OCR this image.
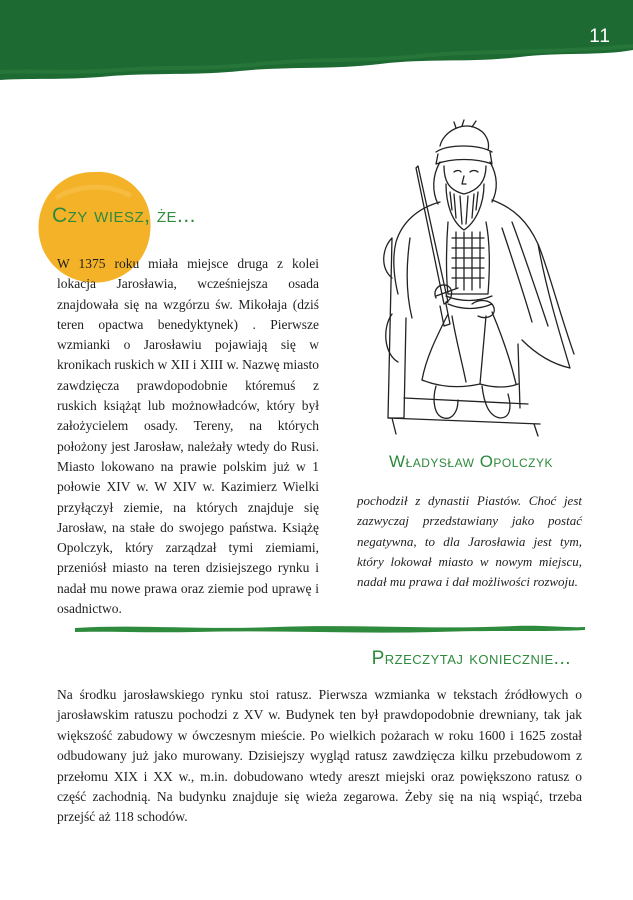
11
Czy wiesz, że...
W 1375 roku miała miejsce druga z kolei lokacja Jarosławia, wcześniejsza osada znajdowała się na wzgórzu św. Mikołaja (dziś teren opactwa benedyktynek) . Pierwsze wzmianki o Jarosławiu pojawiają się w kronikach ruskich w XII i XIII w. Nazwę miasto zawdzięcza prawdopodobnie któremuś z ruskich książąt lub możnowładców, który był założycielem osady. Tereny, na których położony jest Jarosław, należały wtedy do Rusi. Miasto lokowano na prawie polskim już w 1 połowie XIV w. W XIV w. Kazimierz Wielki przyłączył ziemie, na których znajduje się Jarosław, na stałe do swojego państwa. Książę Opolczyk, który zarządzał tymi ziemiami, przeniósł miasto na teren dzisiejszego rynku i nadał mu nowe prawa oraz ziemie pod uprawę i osadnictwo.
Władysław Opolczyk
pochodził z dynastii Piastów. Choć jest zazwyczaj przedstawiany jako postać negatywna, to dla Jarosławia jest tym, który lokował miasto w nowym miejscu, nadał mu prawa i dał możliwości rozwoju.
Przeczytaj koniecznie...
Na środku jarosławskiego rynku stoi ratusz. Pierwsza wzmianka w tekstach źródłowych o jarosławskim ratuszu pochodzi z XV w. Budynek ten był prawdopodobnie drewniany, tak jak większość zabudowy w ówczesnym mieście. Po wielkich pożarach w roku 1600 i 1625 został odbudowany już jako murowany. Dzisiejszy wygląd ratusz zawdzięcza kilku przebudowom z przełomu XIX i XX w., m.in. dobudowano wtedy areszt miejski oraz powiększono ratusz o część zachodnią. Na budynku znajduje się wieża zegarowa. Żeby się na nią wspiąć, trzeba przejść aż 118 schodów.
